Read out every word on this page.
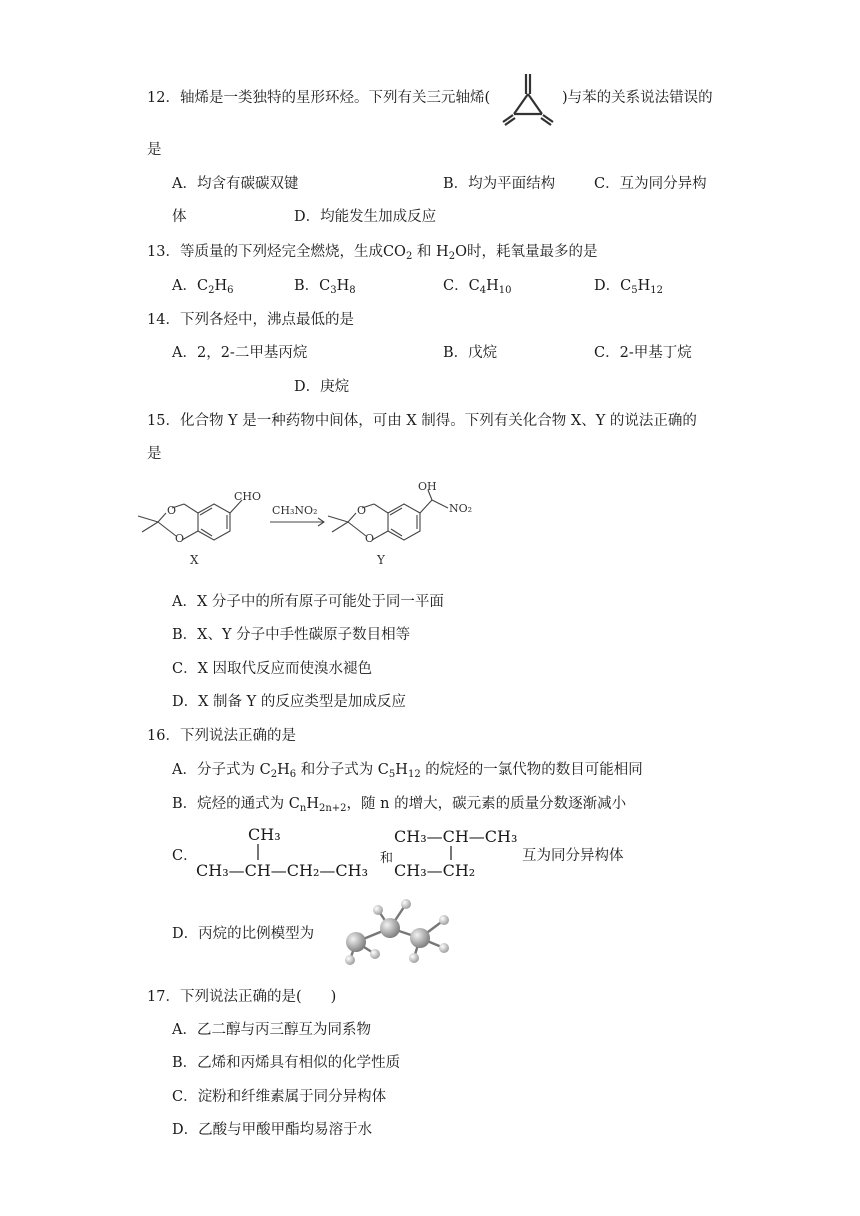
12．轴烯是一类独特的星形环烃。下列有关三元轴烯(	)与苯的关系说法错误的
是
A．均含有碳碳双键	B．均为平面结构	C．互为同分异构
体	D．均能发生加成反应
13．等质量的下列烃完全燃烧，生成$CO_2$ 和 $H_2O$时，耗氧量最多的是
A．$C_2H_6$	B．$C_3H_8$	C．$C_4H_{10}$	D．$C_5H_{12}$
14．下列各烃中，沸点最低的是
A．2，2-二甲基丙烷	B．戊烷	C．2-甲基丁烷
D．庚烷
15．化合物 Y 是一种药物中间体，可由 X 制得。下列有关化合物 X、Y 的说法正确的
是
CHO
O
O
X
CH₃NO₂	O
O
OH
NO₂
Y
A．X 分子中的所有原子可能处于同一平面
B．X、Y 分子中手性碳原子数目相等
C．X 因取代反应而使溴水褪色
D．X 制备 Y 的反应类型是加成反应
16．下列说法正确的是
A．分子式为 $C_2H_6$ 和分子式为 $C_5H_{12}$ 的烷烃的一氯代物的数目可能相同
B．烷烃的通式为 $C_nH_{2n+2}$，随 n 的增大，碳元素的质量分数逐渐减小
C．
CH₃
CH₃—CH—CH₂—CH₃
和
CH₃—CH—CH₃
CH₃—CH₂
互为同分异构体
D．丙烷的比例模型为
17．下列说法正确的是(　　)
A．乙二醇与丙三醇互为同系物
B．乙烯和丙烯具有相似的化学性质
C．淀粉和纤维素属于同分异构体
D．乙酸与甲酸甲酯均易溶于水
